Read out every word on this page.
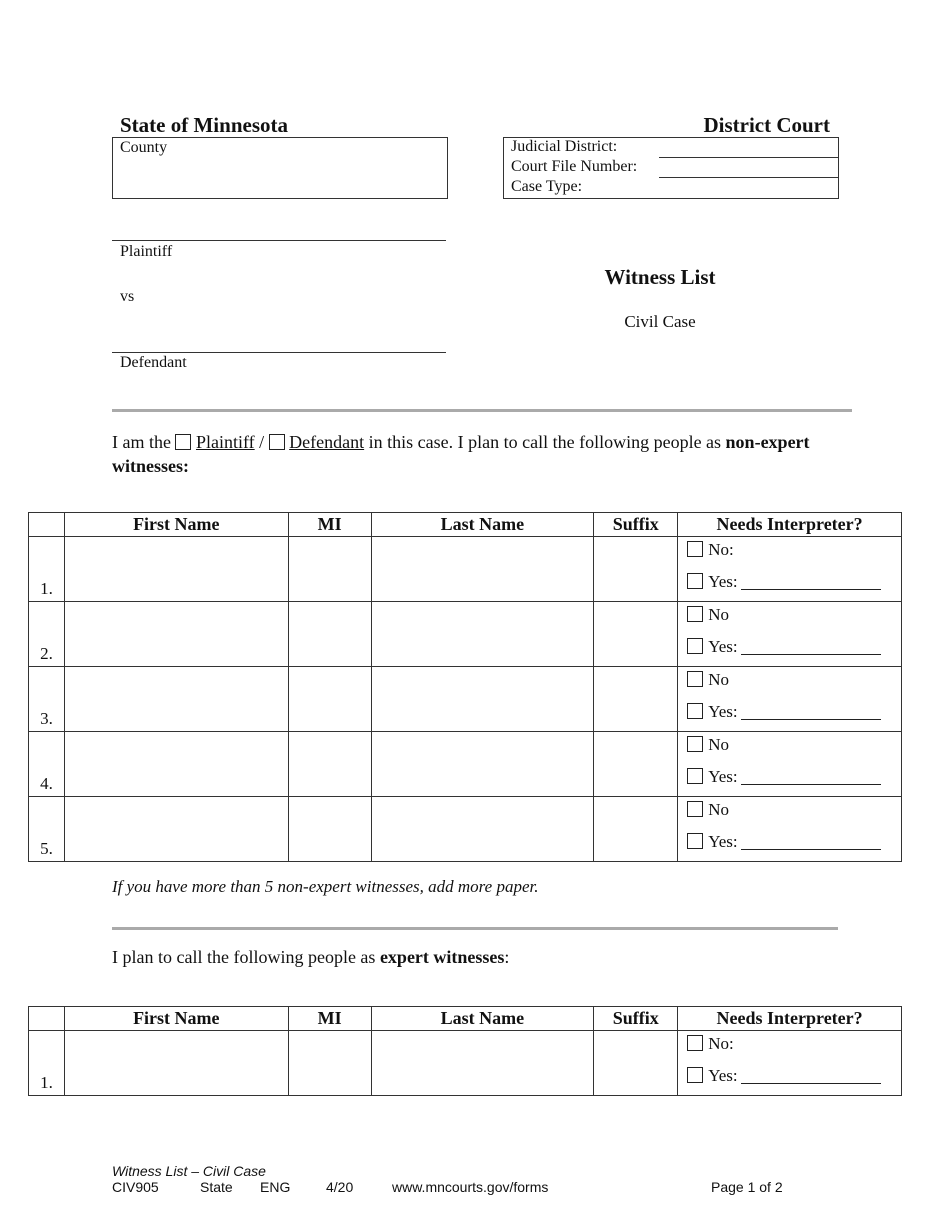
State of Minnesota	District Court
County	Judicial District:
Court File Number:
Case Type:
Plaintiff
vs
Defendant
Witness List
Civil Case
I am the Plaintiff / Defendant in this case. I plan to call the following people as non-expert witnesses:
	First Name	MI	Last Name	Suffix	Needs Interpreter?

1.					No:
Yes:

2.					No
Yes:

3.					No
Yes:

4.					No
Yes:

5.					No
Yes:
If you have more than 5 non-expert witnesses, add more paper.
I plan to call the following people as expert witnesses:
	First Name	MI	Last Name	Suffix	Needs Interpreter?

1.					No:
Yes:
Witness List – Civil Case
CIV905	State ENG	4/20	www.mncourts.gov/forms	Page 1 of 2
